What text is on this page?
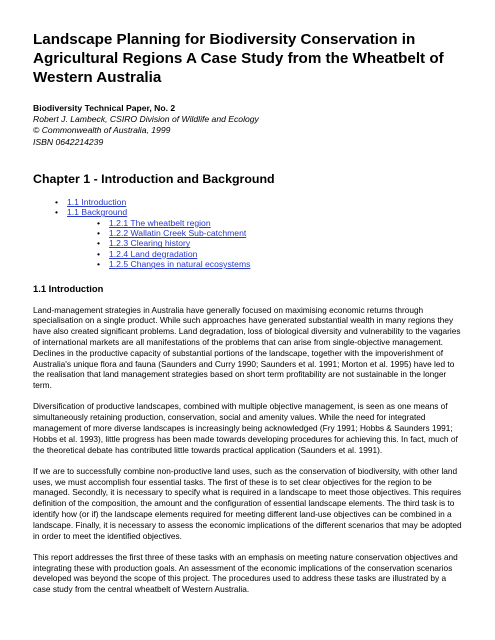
Landscape Planning for Biodiversity Conservation in Agricultural Regions A Case Study from the Wheatbelt of Western Australia
Biodiversity Technical Paper, No. 2
Robert J. Lambeck, CSIRO Division of Wildlife and Ecology
© Commonwealth of Australia, 1999
ISBN 0642214239
Chapter 1 - Introduction and Background
• 1.1 Introduction
• 1.1 Background
• 1.2.1 The wheatbelt region
• 1.2.2 Wallatin Creek Sub-catchment
• 1.2.3 Clearing history
• 1.2.4 Land degradation
• 1.2.5 Changes in natural ecosystems
1.1 Introduction

Land-management strategies in Australia have generally focused on maximising economic returns through specialisation on a single product. While such approaches have generated substantial wealth in many regions they have also created significant problems. Land degradation, loss of biological diversity and vulnerability to the vagaries of international markets are all manifestations of the problems that can arise from single-objective management. Declines in the productive capacity of substantial portions of the landscape, together with the impoverishment of Australia's unique flora and fauna (Saunders and Curry 1990; Saunders et al. 1991; Morton et al. 1995) have led to the realisation that land management strategies based on short term profitability are not sustainable in the longer term.

Diversification of productive landscapes, combined with multiple objective management, is seen as one means of simultaneously retaining production, conservation, social and amenity values. While the need for integrated management of more diverse landscapes is increasingly being acknowledged (Fry 1991; Hobbs & Saunders 1991; Hobbs et al. 1993), little progress has been made towards developing procedures for achieving this. In fact, much of the theoretical debate has contributed little towards practical application (Saunders et al. 1991).

If we are to successfully combine non-productive land uses, such as the conservation of biodiversity, with other land uses, we must accomplish four essential tasks. The first of these is to set clear objectives for the region to be managed. Secondly, it is necessary to specify what is required in a landscape to meet those objectives. This requires definition of the composition, the amount and the configuration of essential landscape elements. The third task is to identify how (or if) the landscape elements required for meeting different land-use objectives can be combined in a landscape. Finally, it is necessary to assess the economic implications of the different scenarios that may be adopted in order to meet the identified objectives.

This report addresses the first three of these tasks with an emphasis on meeting nature conservation objectives and integrating these with production goals. An assessment of the economic implications of the conservation scenarios developed was beyond the scope of this project. The procedures used to address these tasks are illustrated by a case study from the central wheatbelt of Western Australia.
